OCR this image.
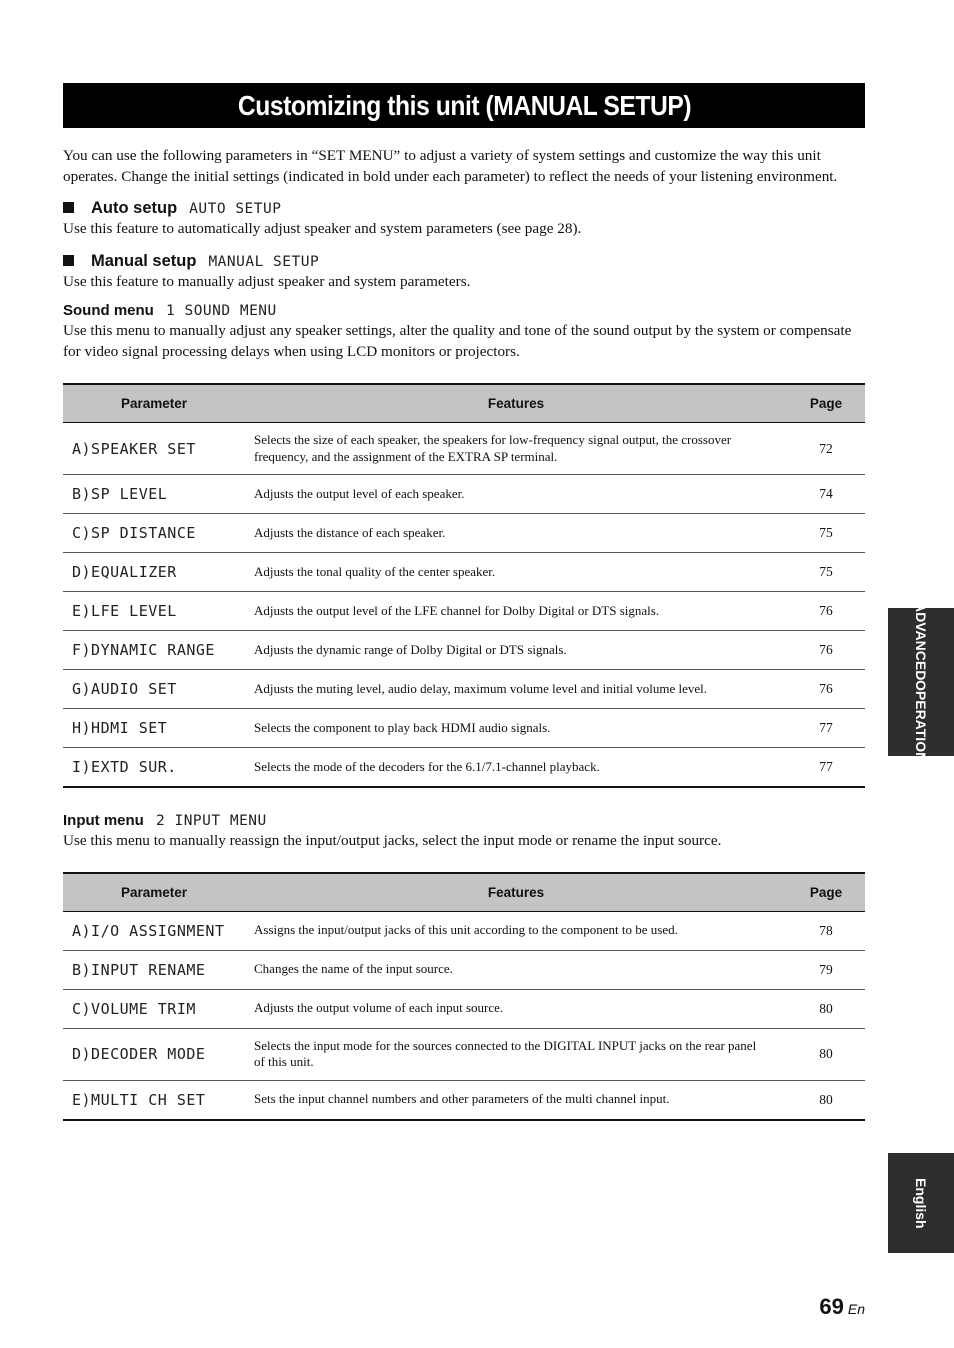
Customizing this unit (MANUAL SETUP)

You can use the following parameters in “SET MENU” to adjust a variety of system settings and customize the way this unit operates. Change the initial settings (indicated in bold under each parameter) to reflect the needs of your listening environment.

Auto setup AUTO SETUP

Use this feature to automatically adjust speaker and system parameters (see page 28).

Manual setup MANUAL SETUP

Use this feature to manually adjust speaker and system parameters.

Sound menu 1 SOUND MENU

Use this menu to manually adjust any speaker settings, alter the quality and tone of the sound output by the system or compensate for video signal processing delays when using LCD monitors or projectors.

Parameter	Features	Page
A)SPEAKER SET	Selects the size of each speaker, the speakers for low-frequency signal output, the crossover frequency, and the assignment of the EXTRA SP terminal.	72
B)SP LEVEL	Adjusts the output level of each speaker.	74
C)SP DISTANCE	Adjusts the distance of each speaker.	75
D)EQUALIZER	Adjusts the tonal quality of the center speaker.	75
E)LFE LEVEL	Adjusts the output level of the LFE channel for Dolby Digital or DTS signals.	76
F)DYNAMIC RANGE	Adjusts the dynamic range of Dolby Digital or DTS signals.	76
G)AUDIO SET	Adjusts the muting level, audio delay, maximum volume level and initial volume level.	76
H)HDMI SET	Selects the component to play back HDMI audio signals.	77
I)EXTD SUR.	Selects the mode of the decoders for the 6.1/7.1-channel playback.	77
Input menu 2 INPUT MENU

Use this menu to manually reassign the input/output jacks, select the input mode or rename the input source.

Parameter	Features	Page
A)I/O ASSIGNMENT	Assigns the input/output jacks of this unit according to the component to be used.	78
B)INPUT RENAME	Changes the name of the input source.	79
C)VOLUME TRIM	Adjusts the output volume of each input source.	80
D)DECODER MODE	Selects the input mode for the sources connected to the DIGITAL INPUT jacks on the rear panel of this unit.	80
E)MULTI CH SET	Sets the input channel numbers and other parameters of the multi channel input.	80
ADVANCED
OPERATION
English
69 En
